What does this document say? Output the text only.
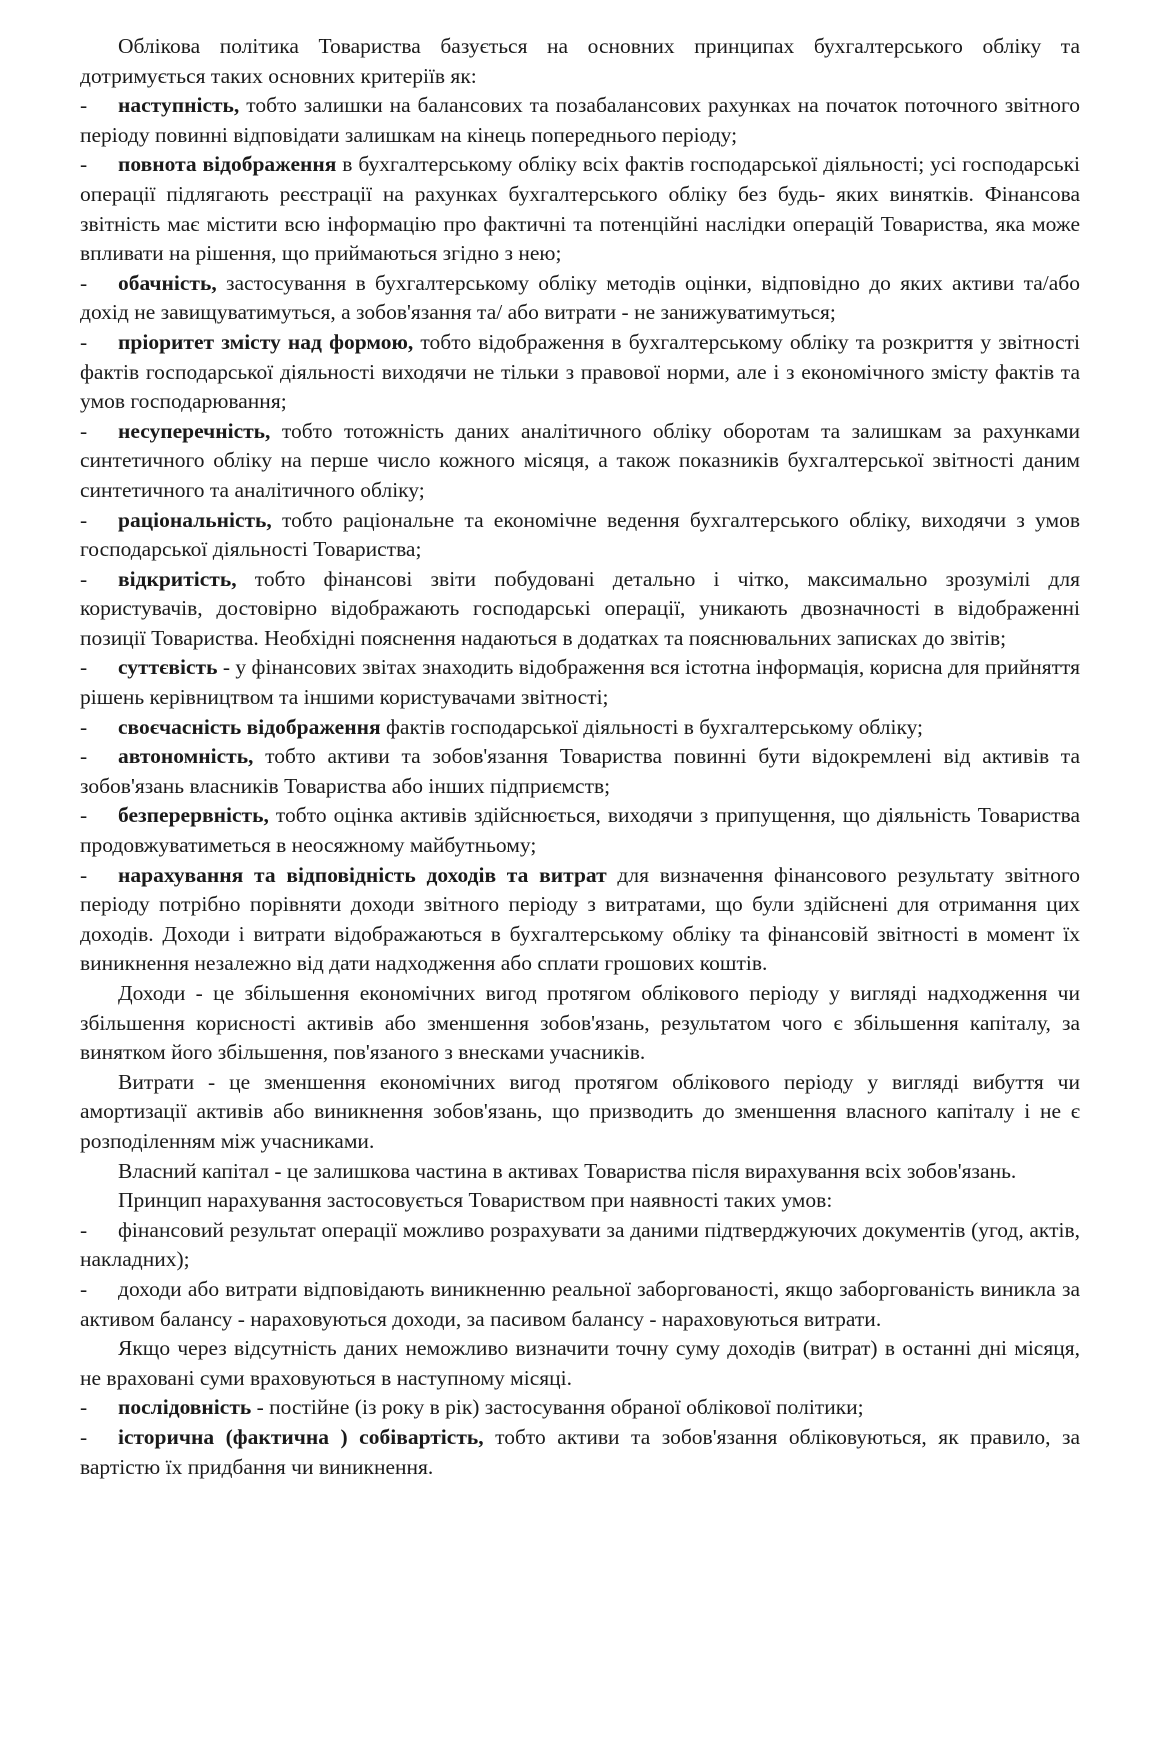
Облікова політика Товариства базується на основних принципах бухгалтерського обліку та дотримується таких основних критеріїв як:

- наступність, тобто залишки на балансових та позабалансових рахунках на початок поточного звітного періоду повинні відповідати залишкам на кінець попереднього періоду;

- повнота відображення в бухгалтерському обліку всіх фактів господарської діяльності; усі господарські операції підлягають реєстрації на рахунках бухгалтерського обліку без будь- яких винятків. Фінансова звітність має містити всю інформацію про фактичні та потенційні наслідки операцій Товариства, яка може впливати на рішення, що приймаються згідно з нею;

- обачність, застосування в бухгалтерському обліку методів оцінки, відповідно до яких активи та/або дохід не завищуватимуться, а зобов'язання та/ або витрати - не занижуватимуться;

- пріоритет змісту над формою, тобто відображення в бухгалтерському обліку та розкриття у звітності фактів господарської діяльності виходячи не тільки з правової норми, але і з економічного змісту фактів та умов господарювання;

- несуперечність, тобто тотожність даних аналітичного обліку оборотам та залишкам за рахунками синтетичного обліку на перше число кожного місяця, а також показників бухгалтерської звітності даним синтетичного та аналітичного обліку;

- раціональність, тобто раціональне та економічне ведення бухгалтерського обліку, виходячи з умов господарської діяльності Товариства;

- відкритість, тобто фінансові звіти побудовані детально і чітко, максимально зрозумілі для користувачів, достовірно відображають господарські операції, уникають двозначності в відображенні позиції Товариства. Необхідні пояснення надаються в додатках та пояснювальних записках до звітів;

- суттєвість - у фінансових звітах знаходить відображення вся істотна інформація, корисна для прийняття рішень керівництвом та іншими користувачами звітності;

- своєчасність відображення фактів господарської діяльності в бухгалтерському обліку;

- автономність, тобто активи та зобов'язання Товариства повинні бути відокремлені від активів та зобов'язань власників Товариства або інших підприємств;

- безперервність, тобто оцінка активів здійснюється, виходячи з припущення, що діяльність Товариства продовжуватиметься в неосяжному майбутньому;

- нарахування та відповідність доходів та витрат для визначення фінансового результату звітного періоду потрібно порівняти доходи звітного періоду з витратами, що були здійснені для отримання цих доходів. Доходи і витрати відображаються в бухгалтерському обліку та фінансовій звітності в момент їх виникнення незалежно від дати надходження або сплати грошових коштів.

Доходи - це збільшення економічних вигод протягом облікового періоду у вигляді надходження чи збільшення корисності активів або зменшення зобов'язань, результатом чого є збільшення капіталу, за винятком його збільшення, пов'язаного з внесками учасників.

Витрати - це зменшення економічних вигод протягом облікового періоду у вигляді вибуття чи амортизації активів або виникнення зобов'язань, що призводить до зменшення власного капіталу і не є розподіленням між учасниками.

Власний капітал - це залишкова частина в активах Товариства після вирахування всіх зобов'язань.

Принцип нарахування застосовується Товариством при наявності таких умов:

- фінансовий результат операції можливо розрахувати за даними підтверджуючих документів (угод, актів, накладних);

- доходи або витрати відповідають виникненню реальної заборгованості, якщо заборгованість виникла за активом балансу - нараховуються доходи, за пасивом балансу - нараховуються витрати.

Якщо через відсутність даних неможливо визначити точну суму доходів (витрат) в останні дні місяця, не враховані суми враховуються в наступному місяці.

- послідовність - постійне (із року в рік) застосування обраної облікової політики;

- історична (фактична ) собівартість, тобто активи та зобов'язання обліковуються, як правило, за вартістю їх придбання чи виникнення.
